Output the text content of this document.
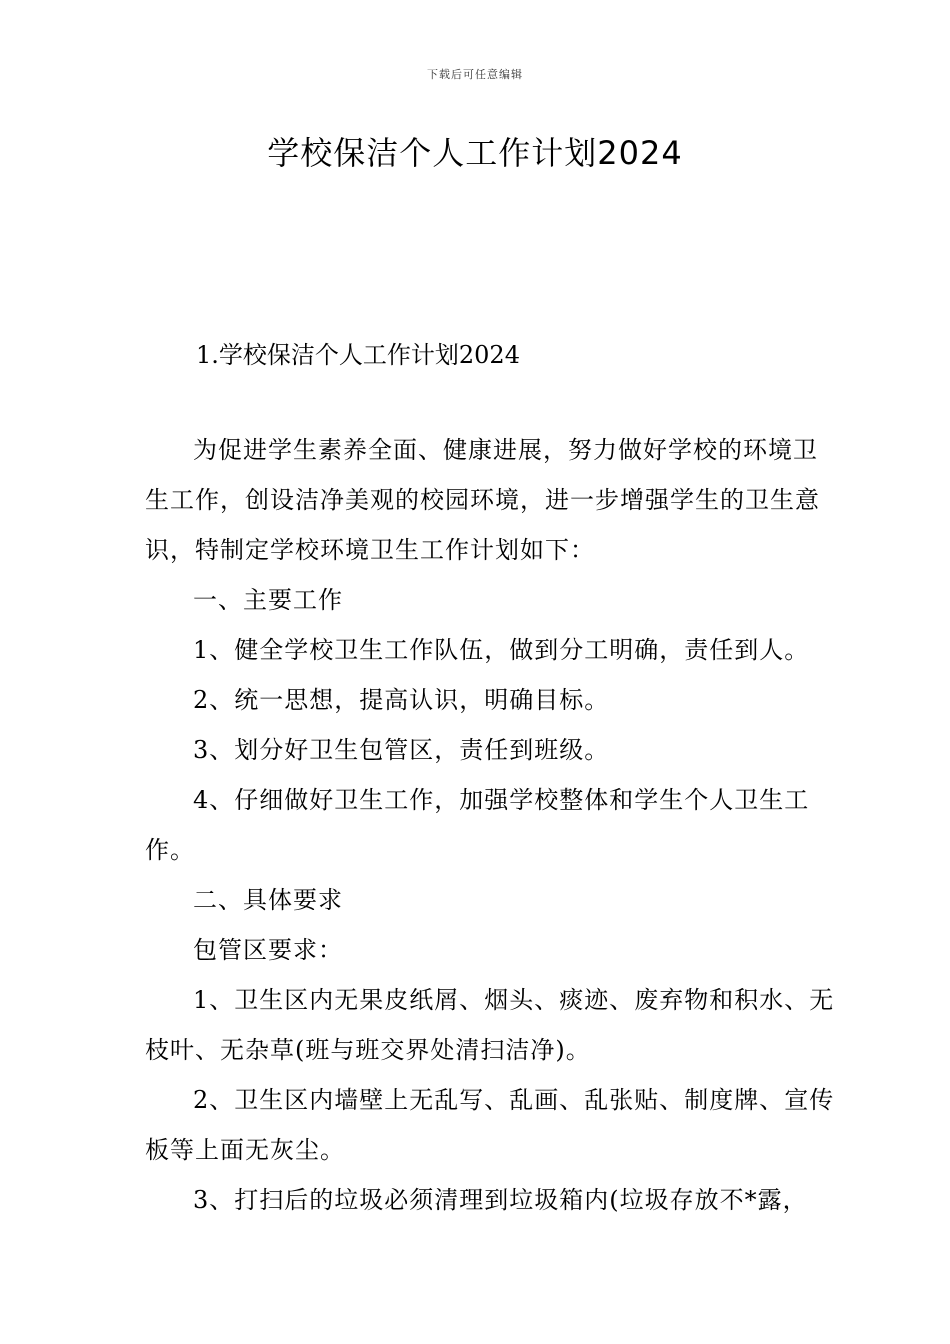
下载后可任意编辑
学校保洁个人工作计划2024
1.学校保洁个人工作计划2024

为促进学生素养全面、健康进展，努力做好学校的环境卫生工作，创设洁净美观的校园环境，进一步增强学生的卫生意识，特制定学校环境卫生工作计划如下：

一、主要工作

1、健全学校卫生工作队伍，做到分工明确，责任到人。

2、统一思想，提高认识，明确目标。

3、划分好卫生包管区，责任到班级。

4、仔细做好卫生工作，加强学校整体和学生个人卫生工作。

二、具体要求

包管区要求：

1、卫生区内无果皮纸屑、烟头、痰迹、废弃物和积水、无枝叶、无杂草(班与班交界处清扫洁净)。

2、卫生区内墙壁上无乱写、乱画、乱张贴、制度牌、宣传板等上面无灰尘。

3、打扫后的垃圾必须清理到垃圾箱内(垃圾存放不*露，
